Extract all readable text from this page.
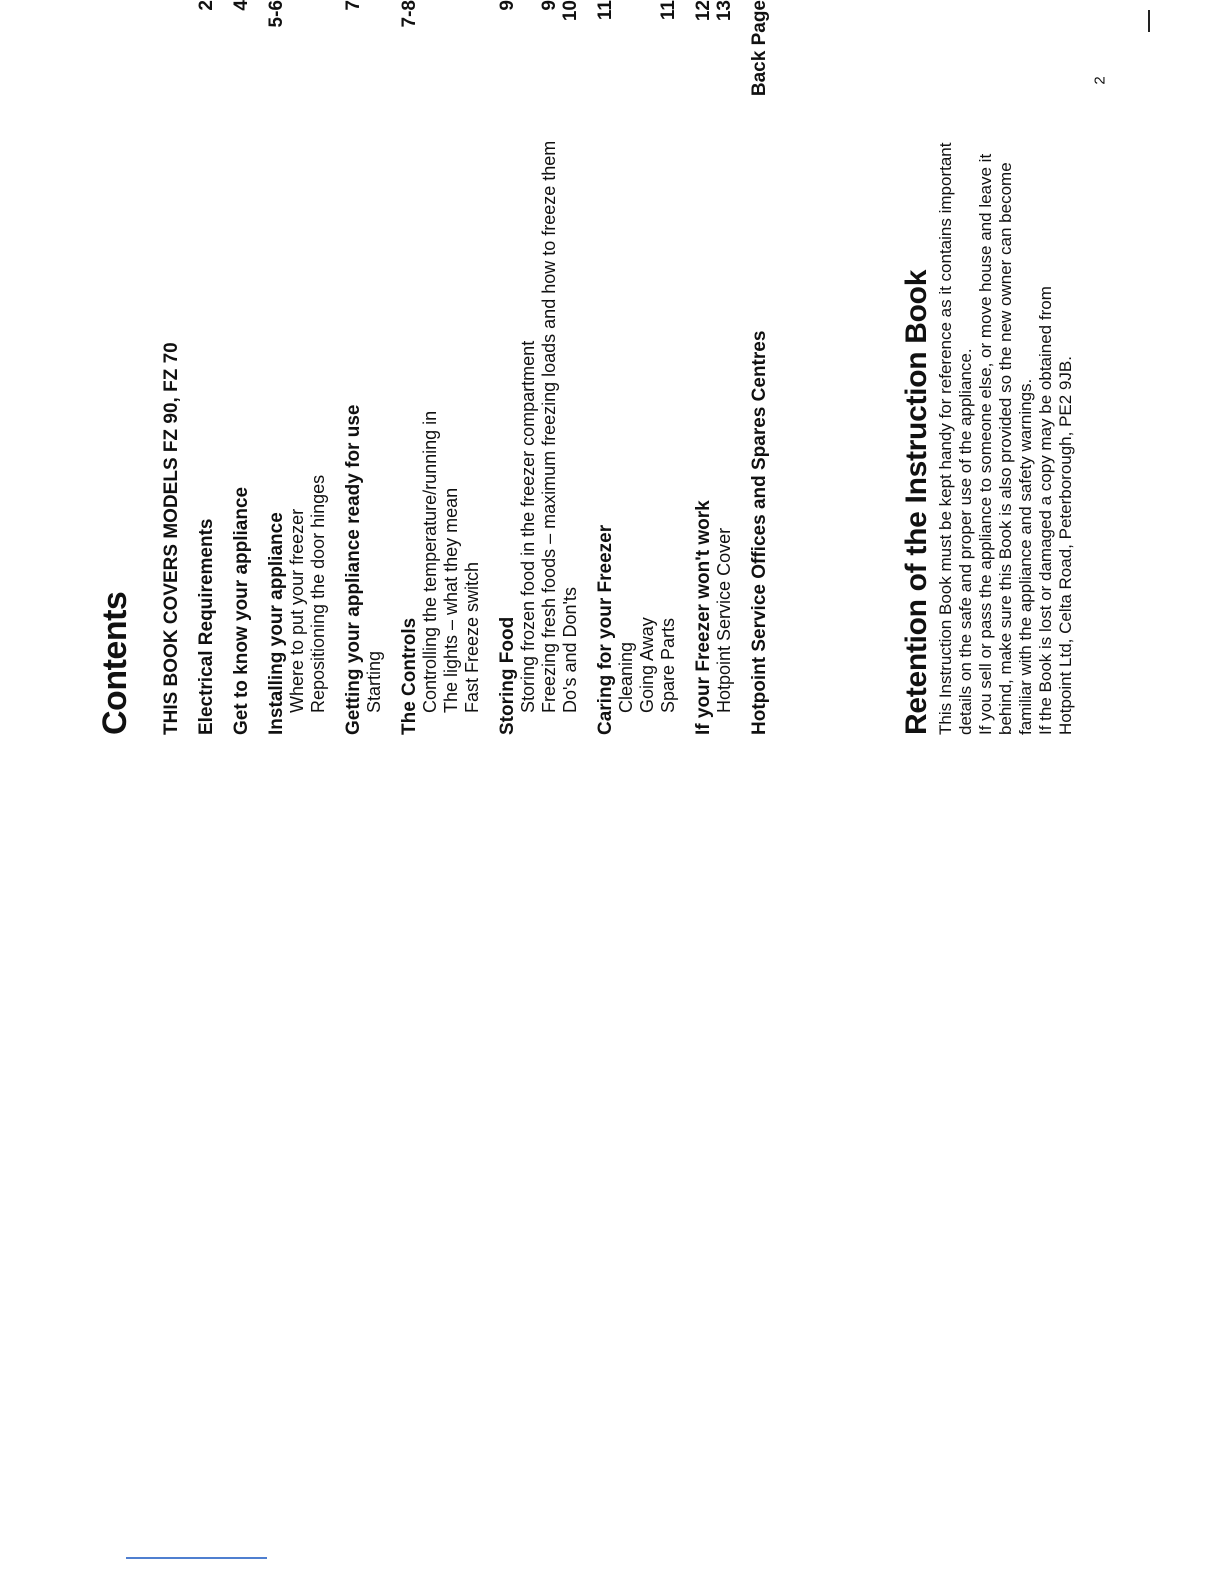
Contents THIS BOOK COVERS MODELS FZ 90, FZ 70 Electrical Requirements
2
Get to know your appliance
4
Installing your appliance Where to put your freezer Repositioning the door hinges
5-6
Getting your appliance ready for use Starting
7
The Controls Controlling the temperature/running in The lights – what they mean Fast Freeze switch
7-8
Storing Food Storing frozen food in the freezer compartment Freezing fresh foods – maximum freezing loads and how to freeze them Do's and Don'ts
9 9 10
Caring for your Freezer Cleaning Going Away Spare Parts
11 11
If your Freezer won't work Hotpoint Service Cover
12 13
Hotpoint Service Offices and Spares Centres
Back Page
Retention of the Instruction Book This Instruction Book must be kept handy for reference as it contains important details on the safe and proper use of the appliance. If you sell or pass the appliance to someone else, or move house and leave it behind, make sure this Book is also provided so the new owner can become familiar with the appliance and safety warnings. If the Book is lost or damaged a copy may be obtained from Hotpoint Ltd, Celta Road, Peterborough, PE2 9JB.
2
